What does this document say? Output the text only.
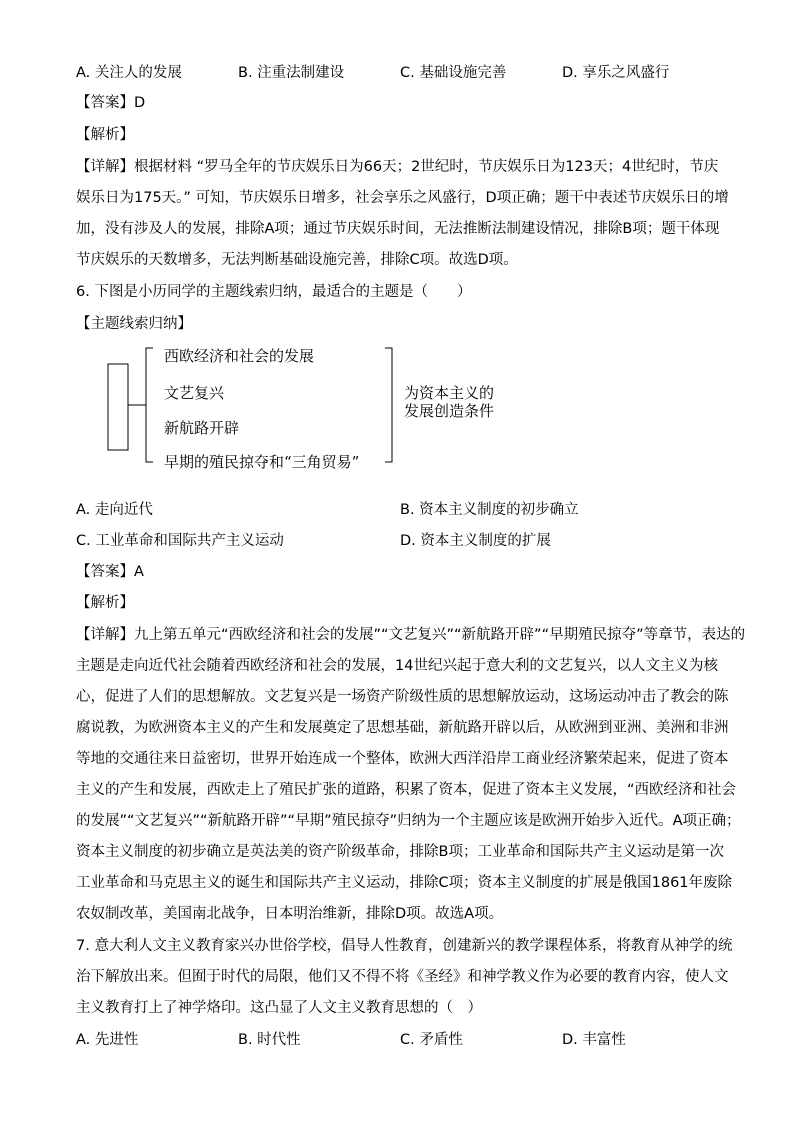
A. 关注人的发展	B. 注重法制建设	C. 基础设施完善	D. 享乐之风盛行
【答案】D
【解析】
【详解】根据材料 “罗马全年的节庆娱乐日为66天；2世纪时，节庆娱乐日为123天；4世纪时，节庆
娱乐日为175天。” 可知，节庆娱乐日增多，社会享乐之风盛行，D项正确；题干中表述节庆娱乐日的增
加，没有涉及人的发展，排除A项；通过节庆娱乐时间，无法推断法制建设情况，排除B项；题干体现
节庆娱乐的天数增多，无法判断基础设施完善，排除C项。故选D项。
6. 下图是小历同学的主题线索归纳，最适合的主题是（　　）
【主题线索归纳】
西欧经济和社会的发展
文艺复兴
新航路开辟
早期的殖民掠夺和“三角贸易”
为资本主义的
发展创造条件
A. 走向近代	B. 资本主义制度的初步确立
C. 工业革命和国际共产主义运动	D. 资本主义制度的扩展
【答案】A
【解析】
【详解】九上第五单元“西欧经济和社会的发展”“文艺复兴”“新航路开辟”“早期殖民掠夺”等章节，表达的
主题是走向近代社会随着西欧经济和社会的发展，14世纪兴起于意大利的文艺复兴，以人文主义为核
心，促进了人们的思想解放。文艺复兴是一场资产阶级性质的思想解放运动，这场运动冲击了教会的陈
腐说教，为欧洲资本主义的产生和发展奠定了思想基础，新航路开辟以后，从欧洲到亚洲、美洲和非洲
等地的交通往来日益密切，世界开始连成一个整体，欧洲大西洋沿岸工商业经济繁荣起来，促进了资本
主义的产生和发展，西欧走上了殖民扩张的道路，积累了资本，促进了资本主义发展，“西欧经济和社会
的发展”“文艺复兴”“新航路开辟”“早期”殖民掠夺”归纳为一个主题应该是欧洲开始步入近代。A项正确；
资本主义制度的初步确立是英法美的资产阶级革命，排除B项；工业革命和国际共产主义运动是第一次
工业革命和马克思主义的诞生和国际共产主义运动，排除C项；资本主义制度的扩展是俄国1861年废除
农奴制改革，美国南北战争，日本明治维新，排除D项。故选A项。
7. 意大利人文主义教育家兴办世俗学校，倡导人性教育，创建新兴的教学课程体系，将教育从神学的统
治下解放出来。但囿于时代的局限，他们又不得不将《圣经》和神学教义作为必要的教育内容，使人文
主义教育打上了神学烙印。这凸显了人文主义教育思想的（　）
A. 先进性	B. 时代性	C. 矛盾性	D. 丰富性
